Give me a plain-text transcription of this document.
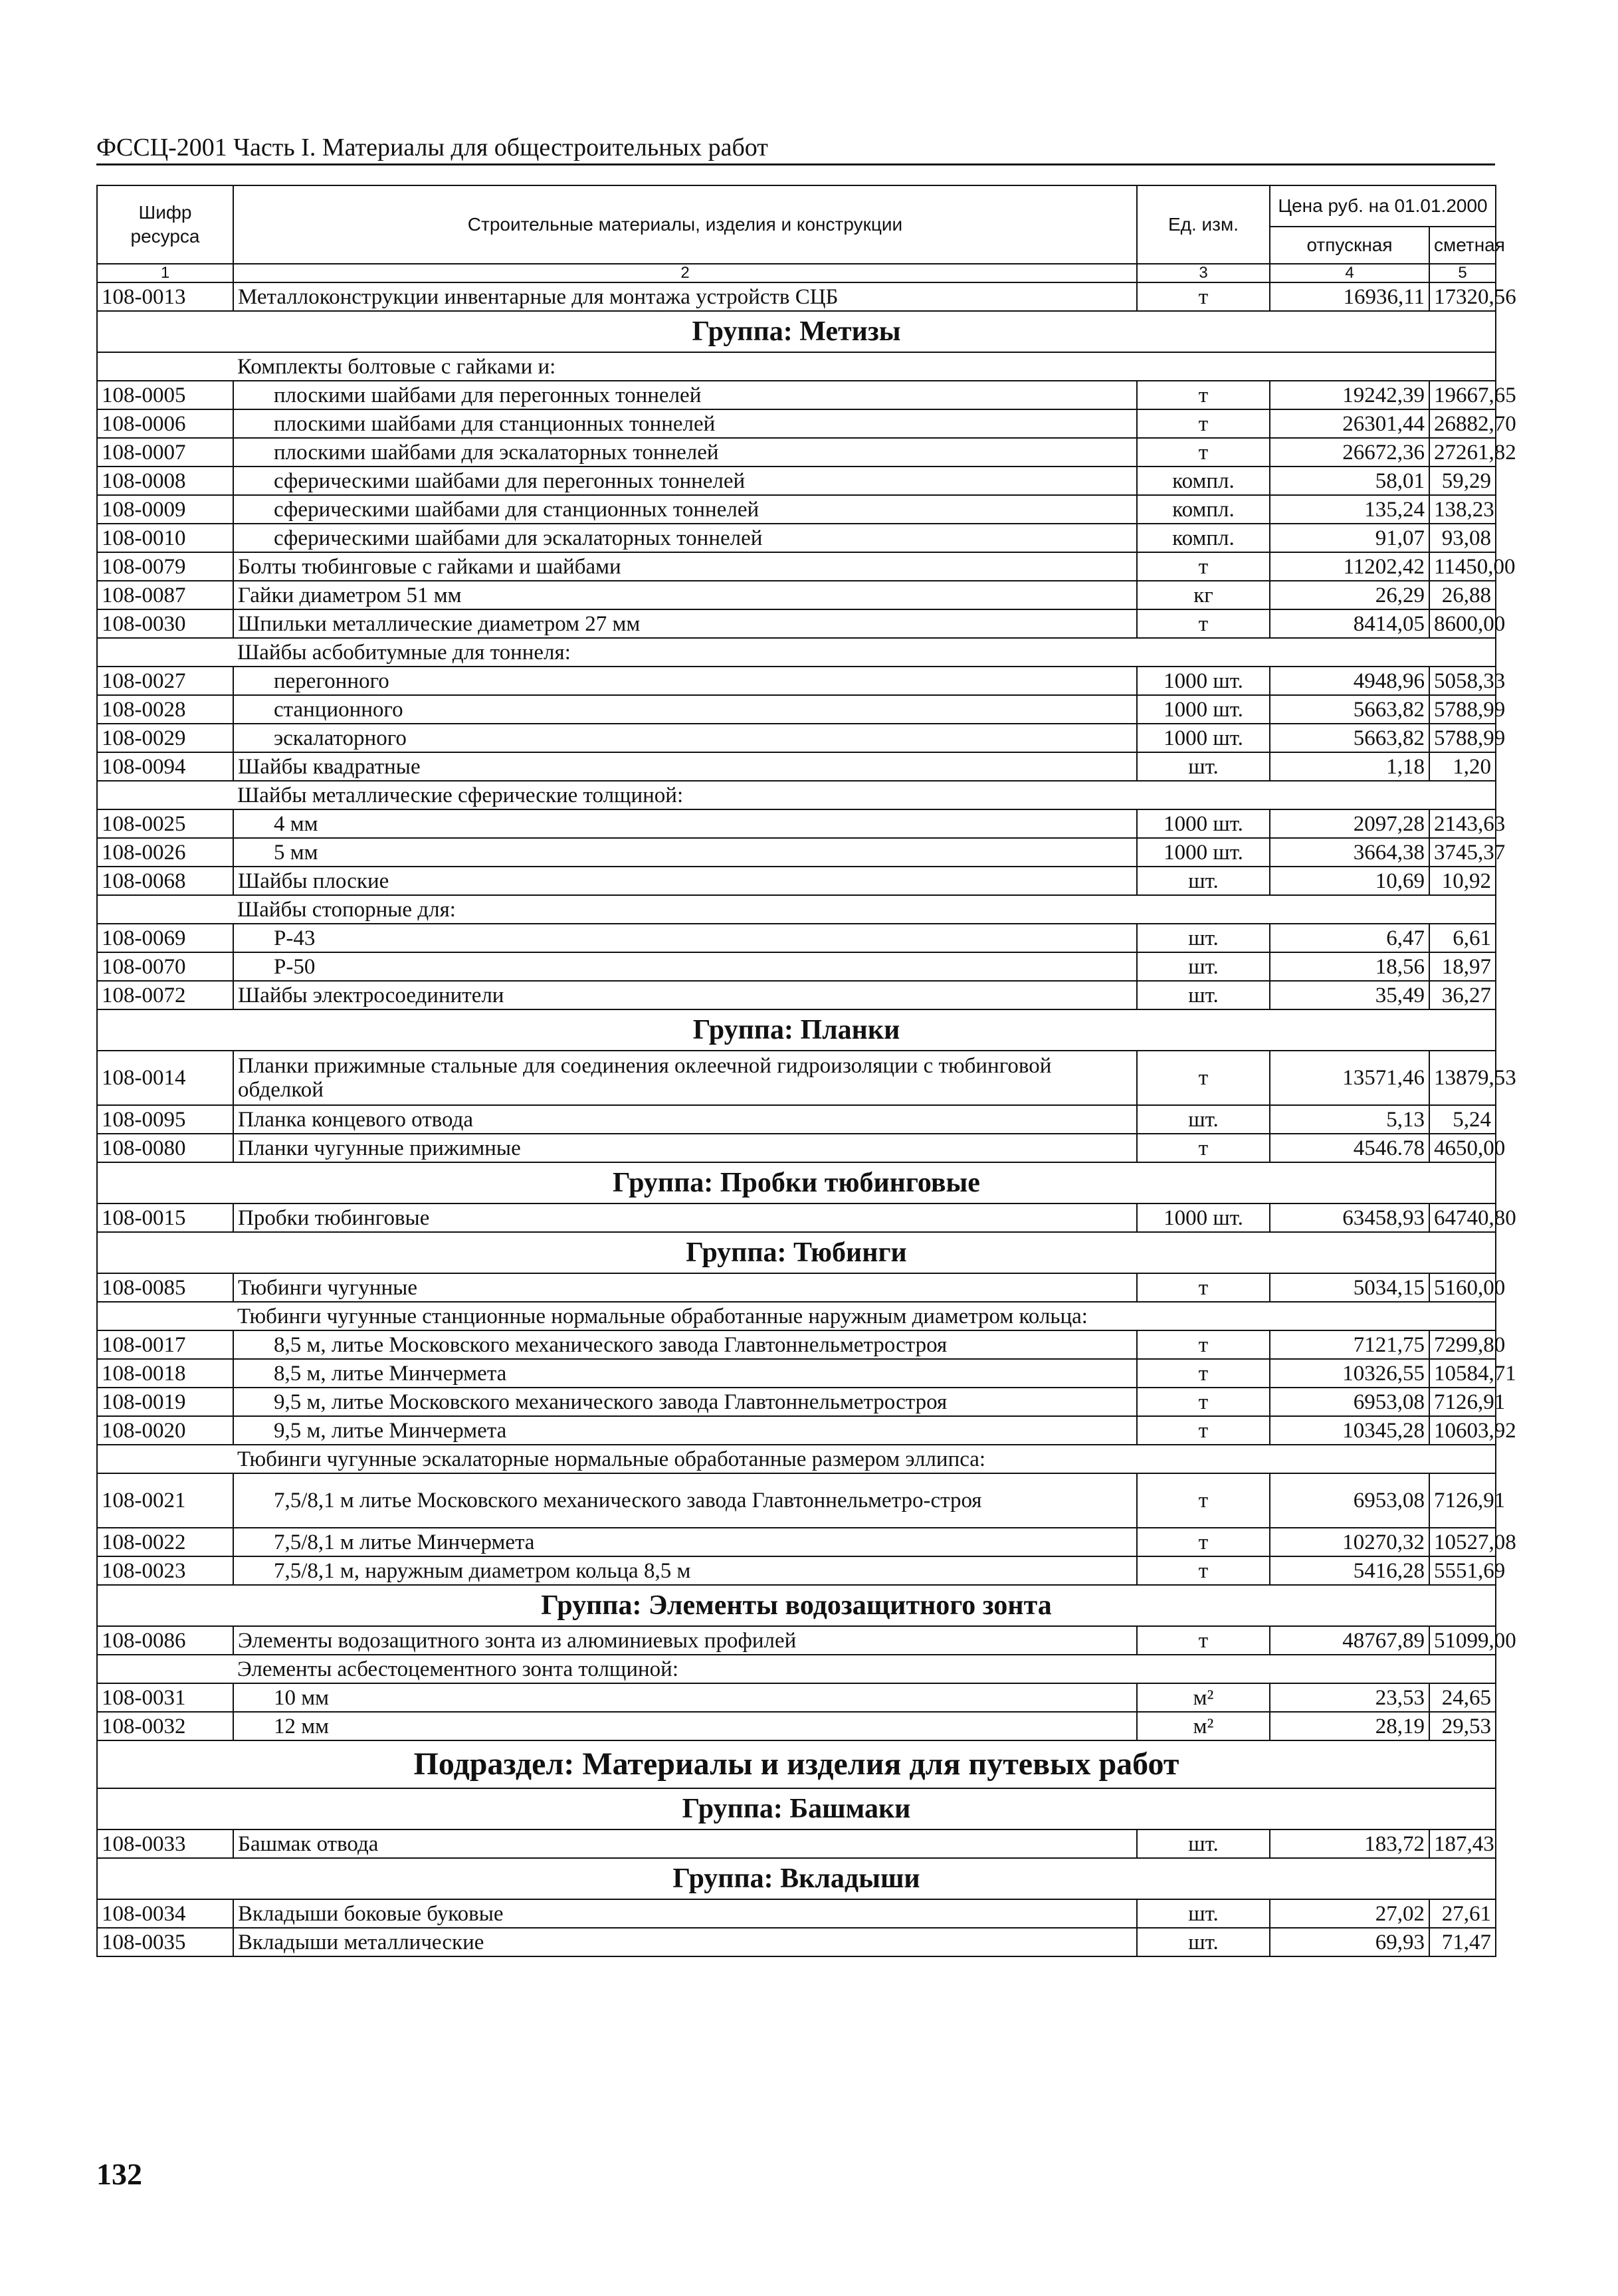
ФССЦ-2001 Часть I. Материалы для общестроительных работ
Шифр ресурса	Строительные материалы, изделия и конструкции	Ед. изм.	Цена руб. на 01.01.2000	
			отпускная	сметная
1	2	3	4	5
108-0013	Металлоконструкции инвентарные для монтажа устройств СЦБ	т	16936,11	17320,56
Группа: Метизы				
	Комплекты болтовые с гайками и:			
108-0005	плоскими шайбами для перегонных тоннелей	т	19242,39	19667,65
108-0006	плоскими шайбами для станционных тоннелей	т	26301,44	26882,70
108-0007	плоскими шайбами для эскалаторных тоннелей	т	26672,36	27261,82
108-0008	сферическими шайбами для перегонных тоннелей	компл.	58,01	59,29
108-0009	сферическими шайбами для станционных тоннелей	компл.	135,24	138,23
108-0010	сферическими шайбами для эскалаторных тоннелей	компл.	91,07	93,08
108-0079	Болты тюбинговые с гайками и шайбами	т	11202,42	11450,00
108-0087	Гайки диаметром 51 мм	кг	26,29	26,88
108-0030	Шпильки металлические диаметром 27 мм	т	8414,05	8600,00
	Шайбы асбобитумные для тоннеля:			
108-0027	перегонного	1000 шт.	4948,96	5058,33
108-0028	станционного	1000 шт.	5663,82	5788,99
108-0029	эскалаторного	1000 шт.	5663,82	5788,99
108-0094	Шайбы квадратные	шт.	1,18	1,20
	Шайбы металлические сферические толщиной:			
108-0025	4 мм	1000 шт.	2097,28	2143,63
108-0026	5 мм	1000 шт.	3664,38	3745,37
108-0068	Шайбы плоские	шт.	10,69	10,92
	Шайбы стопорные для:			
108-0069	Р-43	шт.	6,47	6,61
108-0070	Р-50	шт.	18,56	18,97
108-0072	Шайбы электросоединители	шт.	35,49	36,27
Группа: Планки				
108-0014	Планки прижимные стальные для соединения оклеечной гидроизоляции с тюбинговой обделкой	т	13571,46	13879,53
108-0095	Планка концевого отвода	шт.	5,13	5,24
108-0080	Планки чугунные прижимные	т	4546.78	4650,00
Группа: Пробки тюбинговые				
108-0015	Пробки тюбинговые	1000 шт.	63458,93	64740,80
Группа: Тюбинги				
108-0085	Тюбинги чугунные	т	5034,15	5160,00
	Тюбинги чугунные станционные нормальные обработанные наружным диаметром кольца:			
108-0017	8,5 м, литье Московского механического завода Главтоннельметростроя	т	7121,75	7299,80
108-0018	8,5 м, литье Минчермета	т	10326,55	10584,71
108-0019	9,5 м, литье Московского механического завода Главтоннельметростроя	т	6953,08	7126,91
108-0020	9,5 м, литье Минчермета	т	10345,28	10603,92
	Тюбинги чугунные эскалаторные нормальные обработанные размером эллипса:			
108-0021	7,5/8,1 м литье Московского механического завода Главтоннельметро-строя	т	6953,08	7126,91
108-0022	7,5/8,1 м литье Минчермета	т	10270,32	10527,08
108-0023	7,5/8,1 м, наружным диаметром кольца 8,5 м	т	5416,28	5551,69
Группа: Элементы водозащитного зонта				
108-0086	Элементы водозащитного зонта из алюминиевых профилей	т	48767,89	51099,00
	Элементы асбестоцементного зонта толщиной:			
108-0031	10 мм	м²	23,53	24,65
108-0032	12 мм	м²	28,19	29,53
Подраздел: Материалы и изделия для путевых работ				
Группа: Башмаки				
108-0033	Башмак отвода	шт.	183,72	187,43
Группа: Вкладыши				
108-0034	Вкладыши боковые буковые	шт.	27,02	27,61
108-0035	Вкладыши металлические	шт.	69,93	71,47
132
